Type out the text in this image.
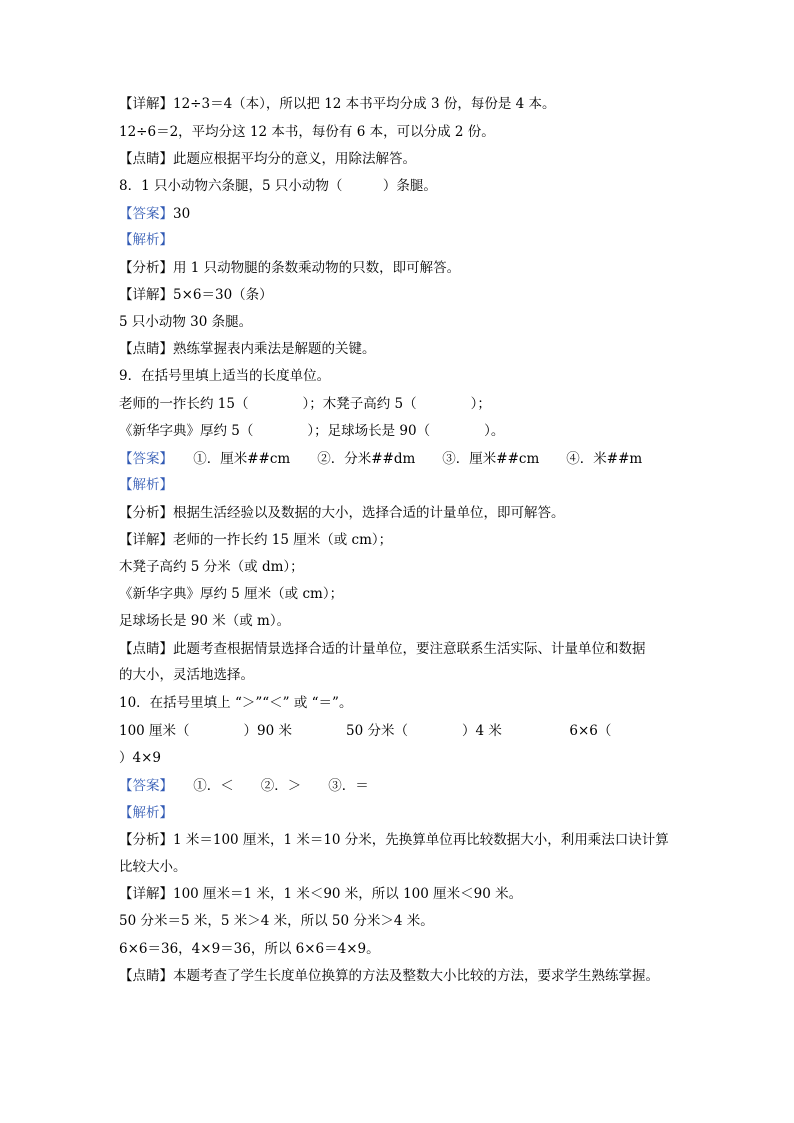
【详解】12÷3＝4（本），所以把 12 本书平均分成 3 份，每份是 4 本。
12÷6＝2，平均分这 12 本书，每份有 6 本，可以分成 2 份。
【点睛】此题应根据平均分的意义，用除法解答。
8．1 只小动物六条腿，5 只小动物（　　　）条腿。
【答案】30
【解析】
【分析】用 1 只动物腿的条数乘动物的只数，即可解答。
【详解】5×6＝30（条）
5 只小动物 30 条腿。
【点睛】熟练掌握表内乘法是解题的关键。
9．在括号里填上适当的长度单位。
老师的一拃长约 15（　　　　）；木凳子高约 5（　　　　）；
《新华字典》厚约 5（　　　　）；足球场长是 90（　　　　）。
【答案】　　①．厘米##cm　　②．分米##dm　　③．厘米##cm　　④．米##m
【解析】
【分析】根据生活经验以及数据的大小，选择合适的计量单位，即可解答。
【详解】老师的一拃长约 15 厘米（或 cm）；
木凳子高约 5 分米（或 dm）；
《新华字典》厚约 5 厘米（或 cm）；
足球场长是 90 米（或 m）。
【点睛】此题考查根据情景选择合适的计量单位，要注意联系生活实际、计量单位和数据
的大小，灵活地选择。
10．在括号里填上 “＞”“＜” 或 “＝”。
100 厘米（　　　　）90 米　　　　50 分米（　　　　）4 米　　　　　6×6（
）4×9
【答案】　　①．＜　　②．＞　　③．＝
【解析】
【分析】1 米＝100 厘米，1 米＝10 分米，先换算单位再比较数据大小，利用乘法口诀计算
比较大小。
【详解】100 厘米＝1 米，1 米＜90 米，所以 100 厘米＜90 米。
50 分米＝5 米，5 米＞4 米，所以 50 分米＞4 米。
6×6＝36，4×9＝36，所以 6×6＝4×9。
【点睛】本题考查了学生长度单位换算的方法及整数大小比较的方法，要求学生熟练掌握。
